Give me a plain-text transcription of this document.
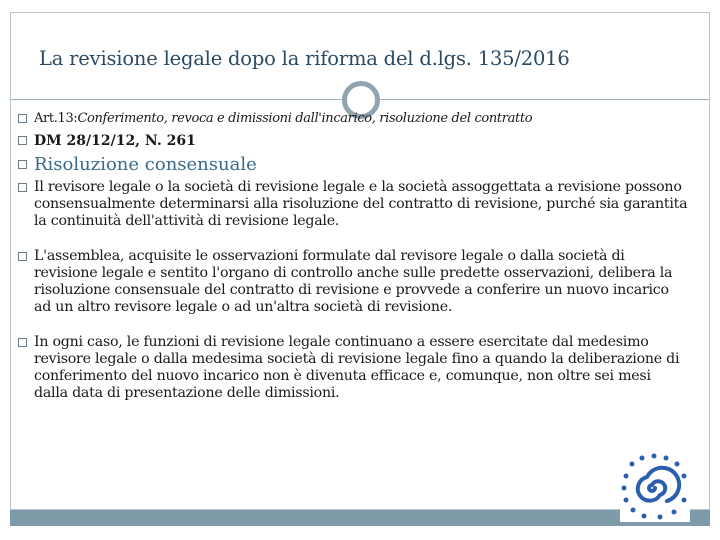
La revisione legale dopo la riforma del d.lgs. 135/2016
Art.13:Conferimento, revoca e dimissioni dall'incarico, risoluzione del contratto
DM 28/12/12, N. 261
Risoluzione consensuale
Il revisore legale o la società di revisione legale e la società assoggettata a revisione possono consensualmente determinarsi alla risoluzione del contratto di revisione, purché sia garantita la continuità dell'attività di revisione legale.
L'assemblea, acquisite le osservazioni formulate dal revisore legale o dalla società di revisione legale e sentito l'organo di controllo anche sulle predette osservazioni, delibera la risoluzione consensuale del contratto di revisione e provvede a conferire un nuovo incarico ad un altro revisore legale o ad un'altra società di revisione.
In ogni caso, le funzioni di revisione legale continuano a essere esercitate dal medesimo revisore legale o dalla medesima società di revisione legale fino a quando la deliberazione di conferimento del nuovo incarico non è divenuta efficace e, comunque, non oltre sei mesi dalla data di presentazione delle dimissioni.
